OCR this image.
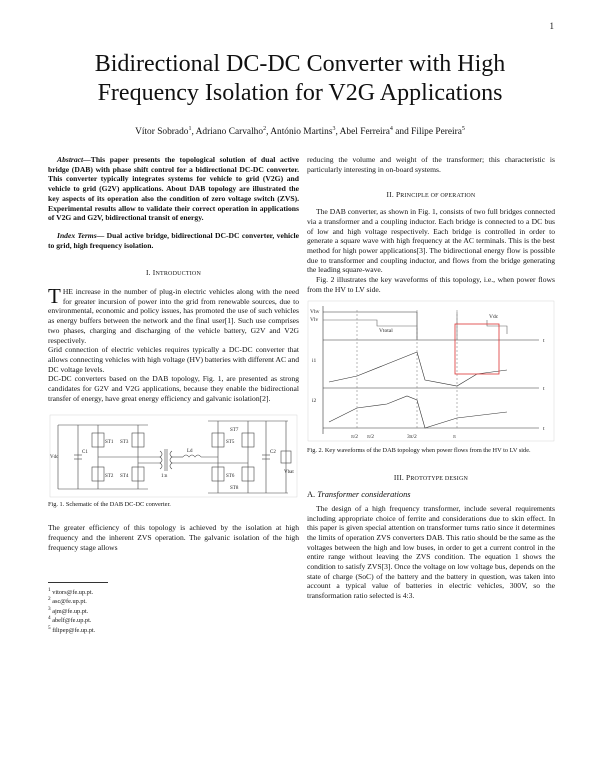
1
Bidirectional DC-DC Converter with High
Frequency Isolation for V2G Applications
Vítor Sobrado$^1$, Adriano Carvalho$^2$, António Martins$^3$, Abel Ferreira$^4$ and Filipe Pereira$^5$

Abstract—This paper presents the topological solution of dual active bridge (DAB) with phase shift control for a bidirectional DC-DC converter. This converter typically integrates systems for vehicle to grid (V2G) and vehicle to grid (G2V) applications. About DAB topology are illustrated the key aspects of its operation also the condition of zero voltage switch (ZVS). Experimental results allow to validate their correct operation in applications of V2G and G2V, bidirectional transit of energy.

Index Terms— Dual active bridge, bidirectional DC-DC converter, vehicle to grid, high frequency isolation.

I. INTRODUCTION

THE increase in the number of plug-in electric vehicles along with the need for greater incursion of power into the grid from renewable sources, due to environmental, economic and policy issues, has promoted the use of such vehicles as energy buffers between the network and the final user[1]. Such use comprises two phases, charging and discharging of the vehicle battery, G2V and V2G respectively.

Grid connection of electric vehicles requires typically a DC-DC converter that allows connecting vehicles with high voltage (HV) batteries with different AC and DC voltage levels.

DC-DC converters based on the DAB topology, Fig. 1, are presented as strong candidates for G2V and V2G applications, because they enable the bidirectional transfer of energy, have great energy efficiency and galvanic isolation[2].

Vdc
C1
ST1
ST2
ST3
ST4
Ld
1:n
ST5
ST6
ST7
ST8
C2
Vbat

Fig. 1. Schematic of the DAB DC-DC converter.

The greater efficiency of this topology is achieved by the isolation at high frequency and the inherent ZVS operation. The galvanic isolation of the high frequency stage allows

$^1$ vitors@fe.up.pt.
$^2$ asc@fe.up.pt.
$^3$ ajm@fe.up.pt.
$^4$ abelf@fe.up.pt.
$^5$ filipep@fe.up.pt.

reducing the volume and weight of the transformer; this characteristic is particularly interesting in on-board systems.

II. PRINCIPLE OF OPERATION

The DAB converter, as shown in Fig. 1, consists of two full bridges connected via a transformer and a coupling inductor. Each bridge is connected to a DC bus of low and high voltage respectively. Each bridge is controlled in order to generate a square wave with high frequency at the AC terminals. This is the best method for high power applications[3]. The bidirectional energy flow is possible due to transformer and coupling inductor, and flows from the bridge generating the leading square-wave.

Fig. 2 illustrates the key waveforms of this topology, i.e., when power flows from the HV to LV side.

Vhv
Vlv
Vtotal
Vdc
i1
i2
t
t
t
π/2	3π/2	π
π/2

Fig. 2. Key waveforms of the DAB topology when power flows from the HV to LV side.

III. PROTOTYPE DESIGN

A. Transformer considerations

The design of a high frequency transformer, include several requirements including appropriate choice of ferrite and considerations due to skin effect. In this paper is given special attention on transformer turns ratio since it determines the limits of operation ZVS converters DAB. This ratio should be the same as the voltages between the high and low buses, in order to get a current control in the entire range without leaving the ZVS condition. The equation 1 shows the condition to satisfy ZVS[3]. Once the voltage on low voltage bus, depends on the state of charge (SoC) of the battery and the battery in question, was taken into account a typical value of batteries in electric vehicles, 300V, so the transformation ratio selected is 4:3.
